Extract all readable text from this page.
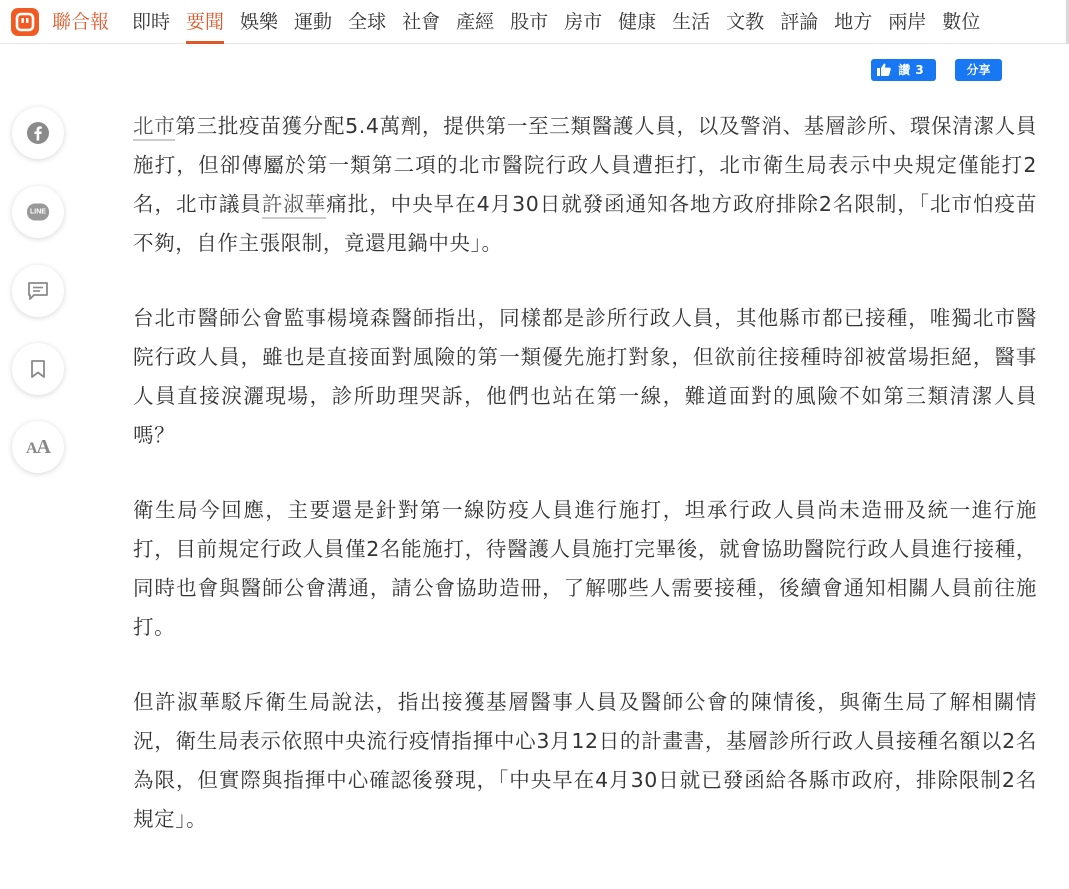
聯合報 即時 要聞 娛樂 運動 全球 社會 產經 股市 房市 健康 生活 文教 評論 地方 兩岸 數位
讚 3	分享
LINE
AA

北市第三批疫苗獲分配5.4萬劑，提供第一至三類醫護人員，以及警消、基層診所、環保清潔人員施打，但卻傳屬於第一類第二項的北市醫院行政人員遭拒打，北市衛生局表示中央規定僅能打2名，北市議員許淑華痛批，中央早在4月30日就發函通知各地方政府排除2名限制，「北市怕疫苗不夠，自作主張限制，竟還甩鍋中央」。

台北市醫師公會監事楊境森醫師指出，同樣都是診所行政人員，其他縣市都已接種，唯獨北市醫院行政人員，雖也是直接面對風險的第一類優先施打對象，但欲前往接種時卻被當場拒絕，醫事人員直接淚灑現場，診所助理哭訴，他們也站在第一線，難道面對的風險不如第三類清潔人員嗎？

衛生局今回應，主要還是針對第一線防疫人員進行施打，坦承行政人員尚未造冊及統一進行施打，目前規定行政人員僅2名能施打，待醫護人員施打完畢後，就會協助醫院行政人員進行接種，同時也會與醫師公會溝通，請公會協助造冊，了解哪些人需要接種，後續會通知相關人員前往施打。

但許淑華駁斥衛生局說法，指出接獲基層醫事人員及醫師公會的陳情後，與衛生局了解相關情況，衛生局表示依照中央流行疫情指揮中心3月12日的計畫書，基層診所行政人員接種名額以2名為限，但實際與指揮中心確認後發現，「中央早在4月30日就已發函給各縣市政府，排除限制2名規定」。
